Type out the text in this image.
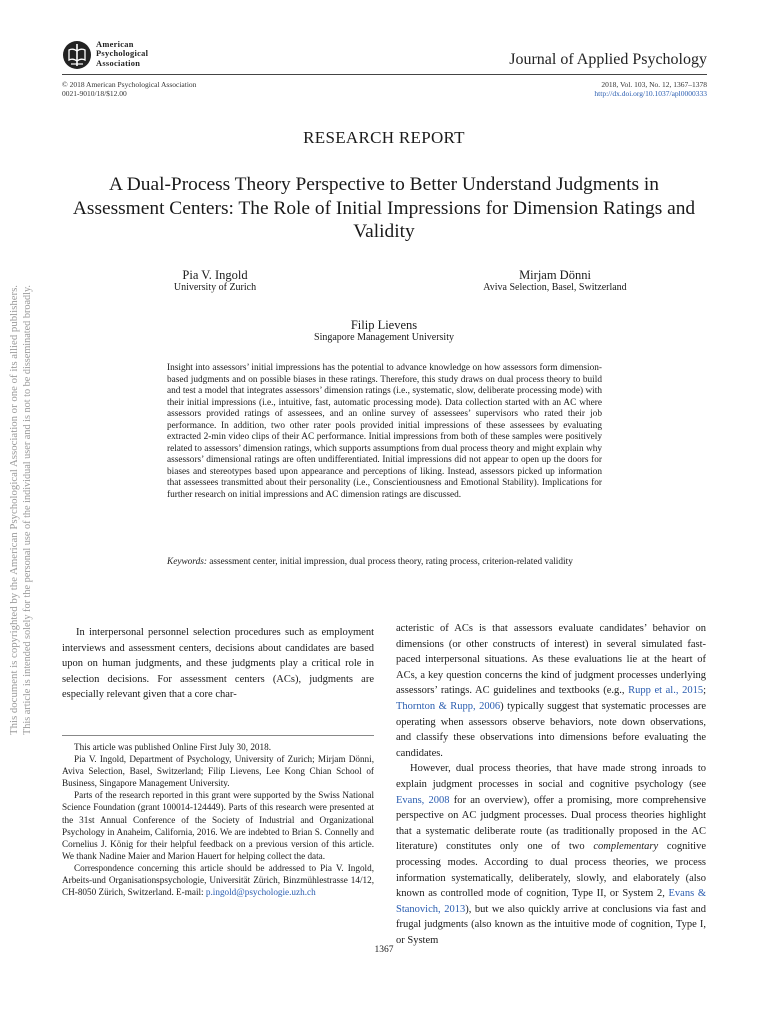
American
Psychological
Association	Journal of Applied Psychology
© 2018 American Psychological Association
0021-9010/18/$12.00
2018, Vol. 103, No. 12, 1367–1378
http://dx.doi.org/10.1037/apl0000333
RESEARCH REPORT
A Dual-Process Theory Perspective to Better Understand Judgments in Assessment Centers: The Role of Initial Impressions for Dimension Ratings and Validity
Pia V. Ingold
University of Zurich
Mirjam Dönni
Aviva Selection, Basel, Switzerland
Filip Lievens
Singapore Management University
Insight into assessors’ initial impressions has the potential to advance knowledge on how assessors form dimension-based judgments and on possible biases in these ratings. Therefore, this study draws on dual process theory to build and test a model that integrates assessors’ dimension ratings (i.e., systematic, slow, deliberate processing mode) with their initial impressions (i.e., intuitive, fast, automatic processing mode). Data collection started with an AC where assessors provided ratings of assessees, and an online survey of assessees’ supervisors who rated their job performance. In addition, two other rater pools provided initial impressions of these assessees by evaluating extracted 2-min video clips of their AC performance. Initial impressions from both of these samples were positively related to assessors’ dimension ratings, which supports assumptions from dual process theory and might explain why assessors’ dimensional ratings are often undifferentiated. Initial impressions did not appear to open up the doors for biases and stereotypes based upon appearance and perceptions of liking. Instead, assessors picked up information that assessees transmitted about their personality (i.e., Conscientiousness and Emotional Stability). Implications for further research on initial impressions and AC dimension ratings are discussed.
Keywords: assessment center, initial impression, dual process theory, rating process, criterion-related validity
This document is copyrighted by the American Psychological Association or one of its allied publishers. This article is intended solely for the personal use of the individual user and is not to be disseminated broadly.	In interpersonal personnel selection procedures such as employment interviews and assessment centers, decisions about candidates are based upon on human judgments, and these judgments play a critical role in selection decisions. For assessment centers (ACs), judgments are especially relevant given that a core char-

This article was published Online First July 30, 2018.

Pia V. Ingold, Department of Psychology, University of Zurich; Mirjam Dönni, Aviva Selection, Basel, Switzerland; Filip Lievens, Lee Kong Chian School of Business, Singapore Management University.

Parts of the research reported in this grant were supported by the Swiss National Science Foundation (grant 100014-124449). Parts of this research were presented at the 31st Annual Conference of the Society of Industrial and Organizational Psychology in Anaheim, California, 2016. We are indebted to Brian S. Connelly and Cornelius J. König for their helpful feedback on a previous version of this article. We thank Nadine Maier and Marion Hauert for helping collect the data.

Correspondence concerning this article should be addressed to Pia V. Ingold, Arbeits-und Organisationspsychologie, Universität Zürich, Binzmühlestrasse 14/12, CH-8050 Zürich, Switzerland. E-mail: p.ingold@psychologie.uzh.ch

acteristic of ACs is that assessors evaluate candidates’ behavior on dimensions (or other constructs of interest) in several simulated fast-paced interpersonal situations. As these evaluations lie at the heart of ACs, a key question concerns the kind of judgment processes underlying assessors’ ratings. AC guidelines and textbooks (e.g., Rupp et al., 2015; Thornton & Rupp, 2006) typically suggest that systematic processes are operating when assessors observe behaviors, note down observations, and classify these observations into dimensions before evaluating the candidates.

However, dual process theories, that have made strong inroads to explain judgment processes in social and cognitive psychology (see Evans, 2008 for an overview), offer a promising, more comprehensive perspective on AC judgment processes. Dual process theories highlight that a systematic deliberate route (as traditionally proposed in the AC literature) constitutes only one of two complementary cognitive processing modes. According to dual process theories, we process information systematically, deliberately, slowly, and elaborately (also known as controlled mode of cognition, Type II, or System 2, Evans & Stanovich, 2013), but we also quickly arrive at conclusions via fast and frugal judgments (also known as the intuitive mode of cognition, Type I, or System

1367
